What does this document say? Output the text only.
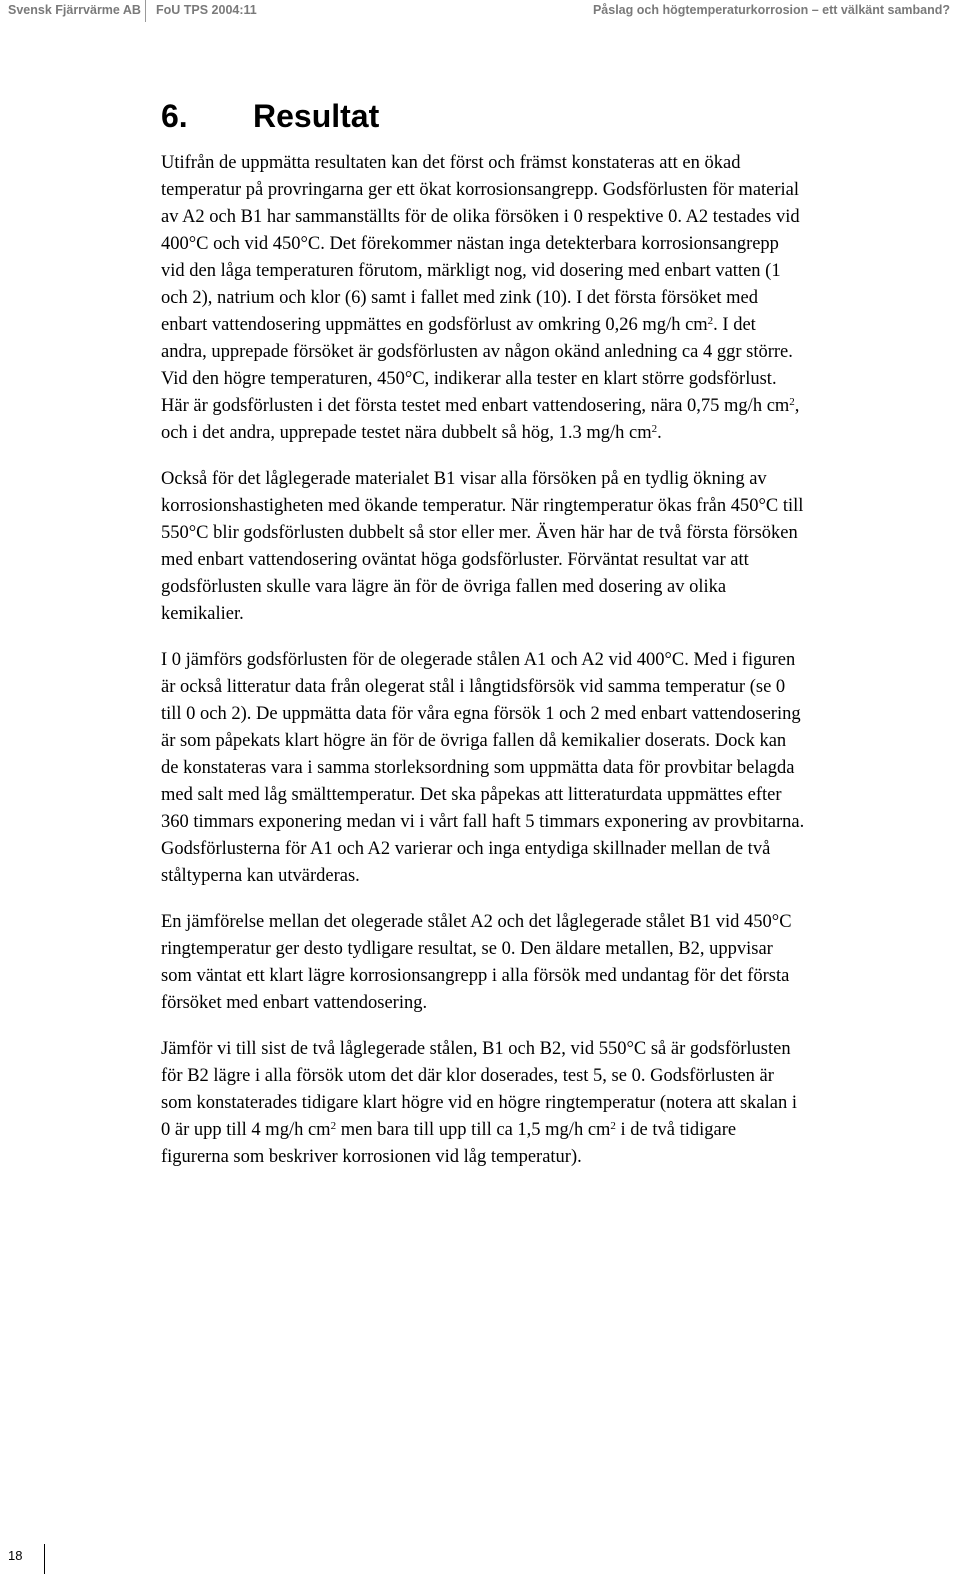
Svensk Fjärrvärme AB FoU TPS 2004:11	Påslag och högtemperaturkorrosion – ett välkänt samband?
6. Resultat

Utifrån de uppmätta resultaten kan det först och främst konstateras att en ökad
temperatur på provringarna ger ett ökat korrosionsangrepp. Godsförlusten för material
av A2 och B1 har sammanställts för de olika försöken i 0 respektive 0. A2 testades vid
400°C och vid 450°C. Det förekommer nästan inga detekterbara korrosionsangrepp
vid den låga temperaturen förutom, märkligt nog, vid dosering med enbart vatten (1
och 2), natrium och klor (6) samt i fallet med zink (10). I det första försöket med
enbart vattendosering uppmättes en godsförlust av omkring 0,26 mg/h $cm^2$. I det
andra, upprepade försöket är godsförlusten av någon okänd anledning ca 4 ggr större.
Vid den högre temperaturen, 450°C, indikerar alla tester en klart större godsförlust.
Här är godsförlusten i det första testet med enbart vattendosering, nära 0,75 mg/h $cm^2$,
och i det andra, upprepade testet nära dubbelt så hög, 1.3 mg/h $cm^2$.

Också för det låglegerade materialet B1 visar alla försöken på en tydlig ökning av
korrosionshastigheten med ökande temperatur. När ringtemperatur ökas från 450°C till
550°C blir godsförlusten dubbelt så stor eller mer. Även här har de två första försöken
med enbart vattendosering oväntat höga godsförluster. Förväntat resultat var att
godsförlusten skulle vara lägre än för de övriga fallen med dosering av olika
kemikalier.

I 0 jämförs godsförlusten för de olegerade stålen A1 och A2 vid 400°C. Med i figuren
är också litteratur data från olegerat stål i långtidsförsök vid samma temperatur (se 0
till 0 och 2). De uppmätta data för våra egna försök 1 och 2 med enbart vattendosering
är som påpekats klart högre än för de övriga fallen då kemikalier doserats. Dock kan
de konstateras vara i samma storleksordning som uppmätta data för provbitar belagda
med salt med låg smälttemperatur. Det ska påpekas att litteraturdata uppmättes efter
360 timmars exponering medan vi i vårt fall haft 5 timmars exponering av provbitarna.
Godsförlusterna för A1 och A2 varierar och inga entydiga skillnader mellan de två
ståltyperna kan utvärderas.

En jämförelse mellan det olegerade stålet A2 och det låglegerade stålet B1 vid 450°C
ringtemperatur ger desto tydligare resultat, se 0. Den äldare metallen, B2, uppvisar
som väntat ett klart lägre korrosionsangrepp i alla försök med undantag för det första
försöket med enbart vattendosering.

Jämför vi till sist de två låglegerade stålen, B1 och B2, vid 550°C så är godsförlusten
för B2 lägre i alla försök utom det där klor doserades, test 5, se 0. Godsförlusten är
som konstaterades tidigare klart högre vid en högre ringtemperatur (notera att skalan i
0 är upp till 4 mg/h $cm^2$ men bara till upp till ca 1,5 mg/h $cm^2$ i de två tidigare
figurerna som beskriver korrosionen vid låg temperatur).

18
